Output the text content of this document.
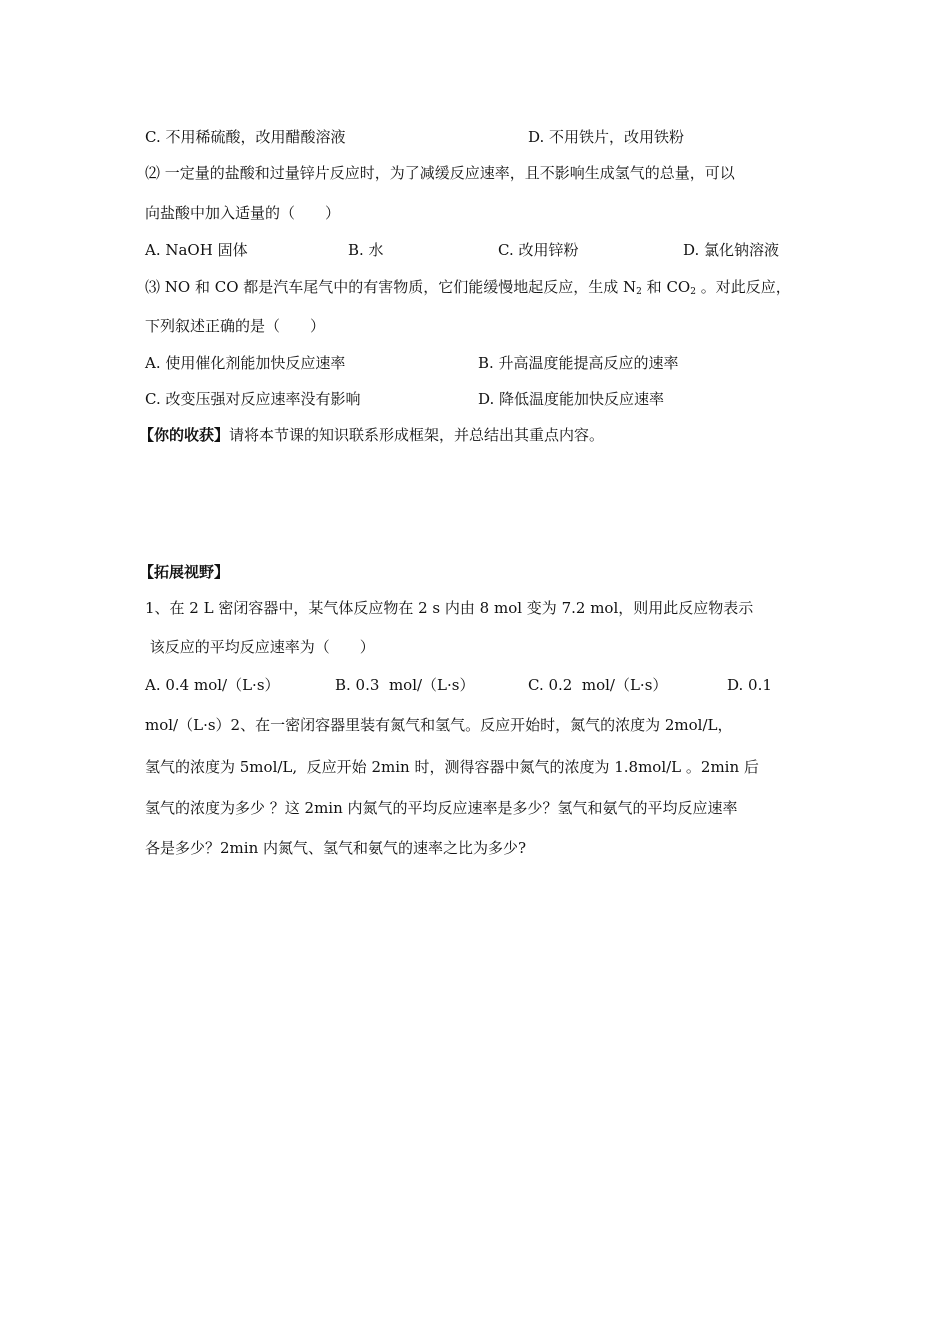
C. 不用稀硫酸，改用醋酸溶液	D. 不用铁片，改用铁粉
⑵ 一定量的盐酸和过量锌片反应时，为了减缓反应速率，且不影响生成氢气的总量，可以
向盐酸中加入适量的（　　）
A. NaOH 固体	B. 水	C. 改用锌粉	D. 氯化钠溶液
⑶ NO 和 CO 都是汽车尾气中的有害物质，它们能缓慢地起反应，生成 $N_2$ 和 $CO_2$ 。对此反应，
下列叙述正确的是（　　）
A. 使用催化剂能加快反应速率	B. 升高温度能提高反应的速率
C. 改变压强对反应速率没有影响	D. 降低温度能加快反应速率
【你的收获】请将本节课的知识联系形成框架，并总结出其重点内容。
【拓展视野】
1、在 2 L 密闭容器中，某气体反应物在 2 s 内由 8 mol 变为 7.2 mol，则用此反应物表示
该反应的平均反应速率为（　　）
A. 0.4 mol/（L·s）	B. 0.3  mol/（L·s）	C. 0.2  mol/（L·s）	D. 0.1
mol/（L·s）2、在一密闭容器里装有氮气和氢气。反应开始时，氮气的浓度为 2mol/L，
氢气的浓度为 5mol/L,  反应开始 2min 时，测得容器中氮气的浓度为 1.8mol/L 。2min 后
氢气的浓度为多少 ？这 2min 内氮气的平均反应速率是多少？氢气和氨气的平均反应速率
各是多少？2min 内氮气、氢气和氨气的速率之比为多少?
